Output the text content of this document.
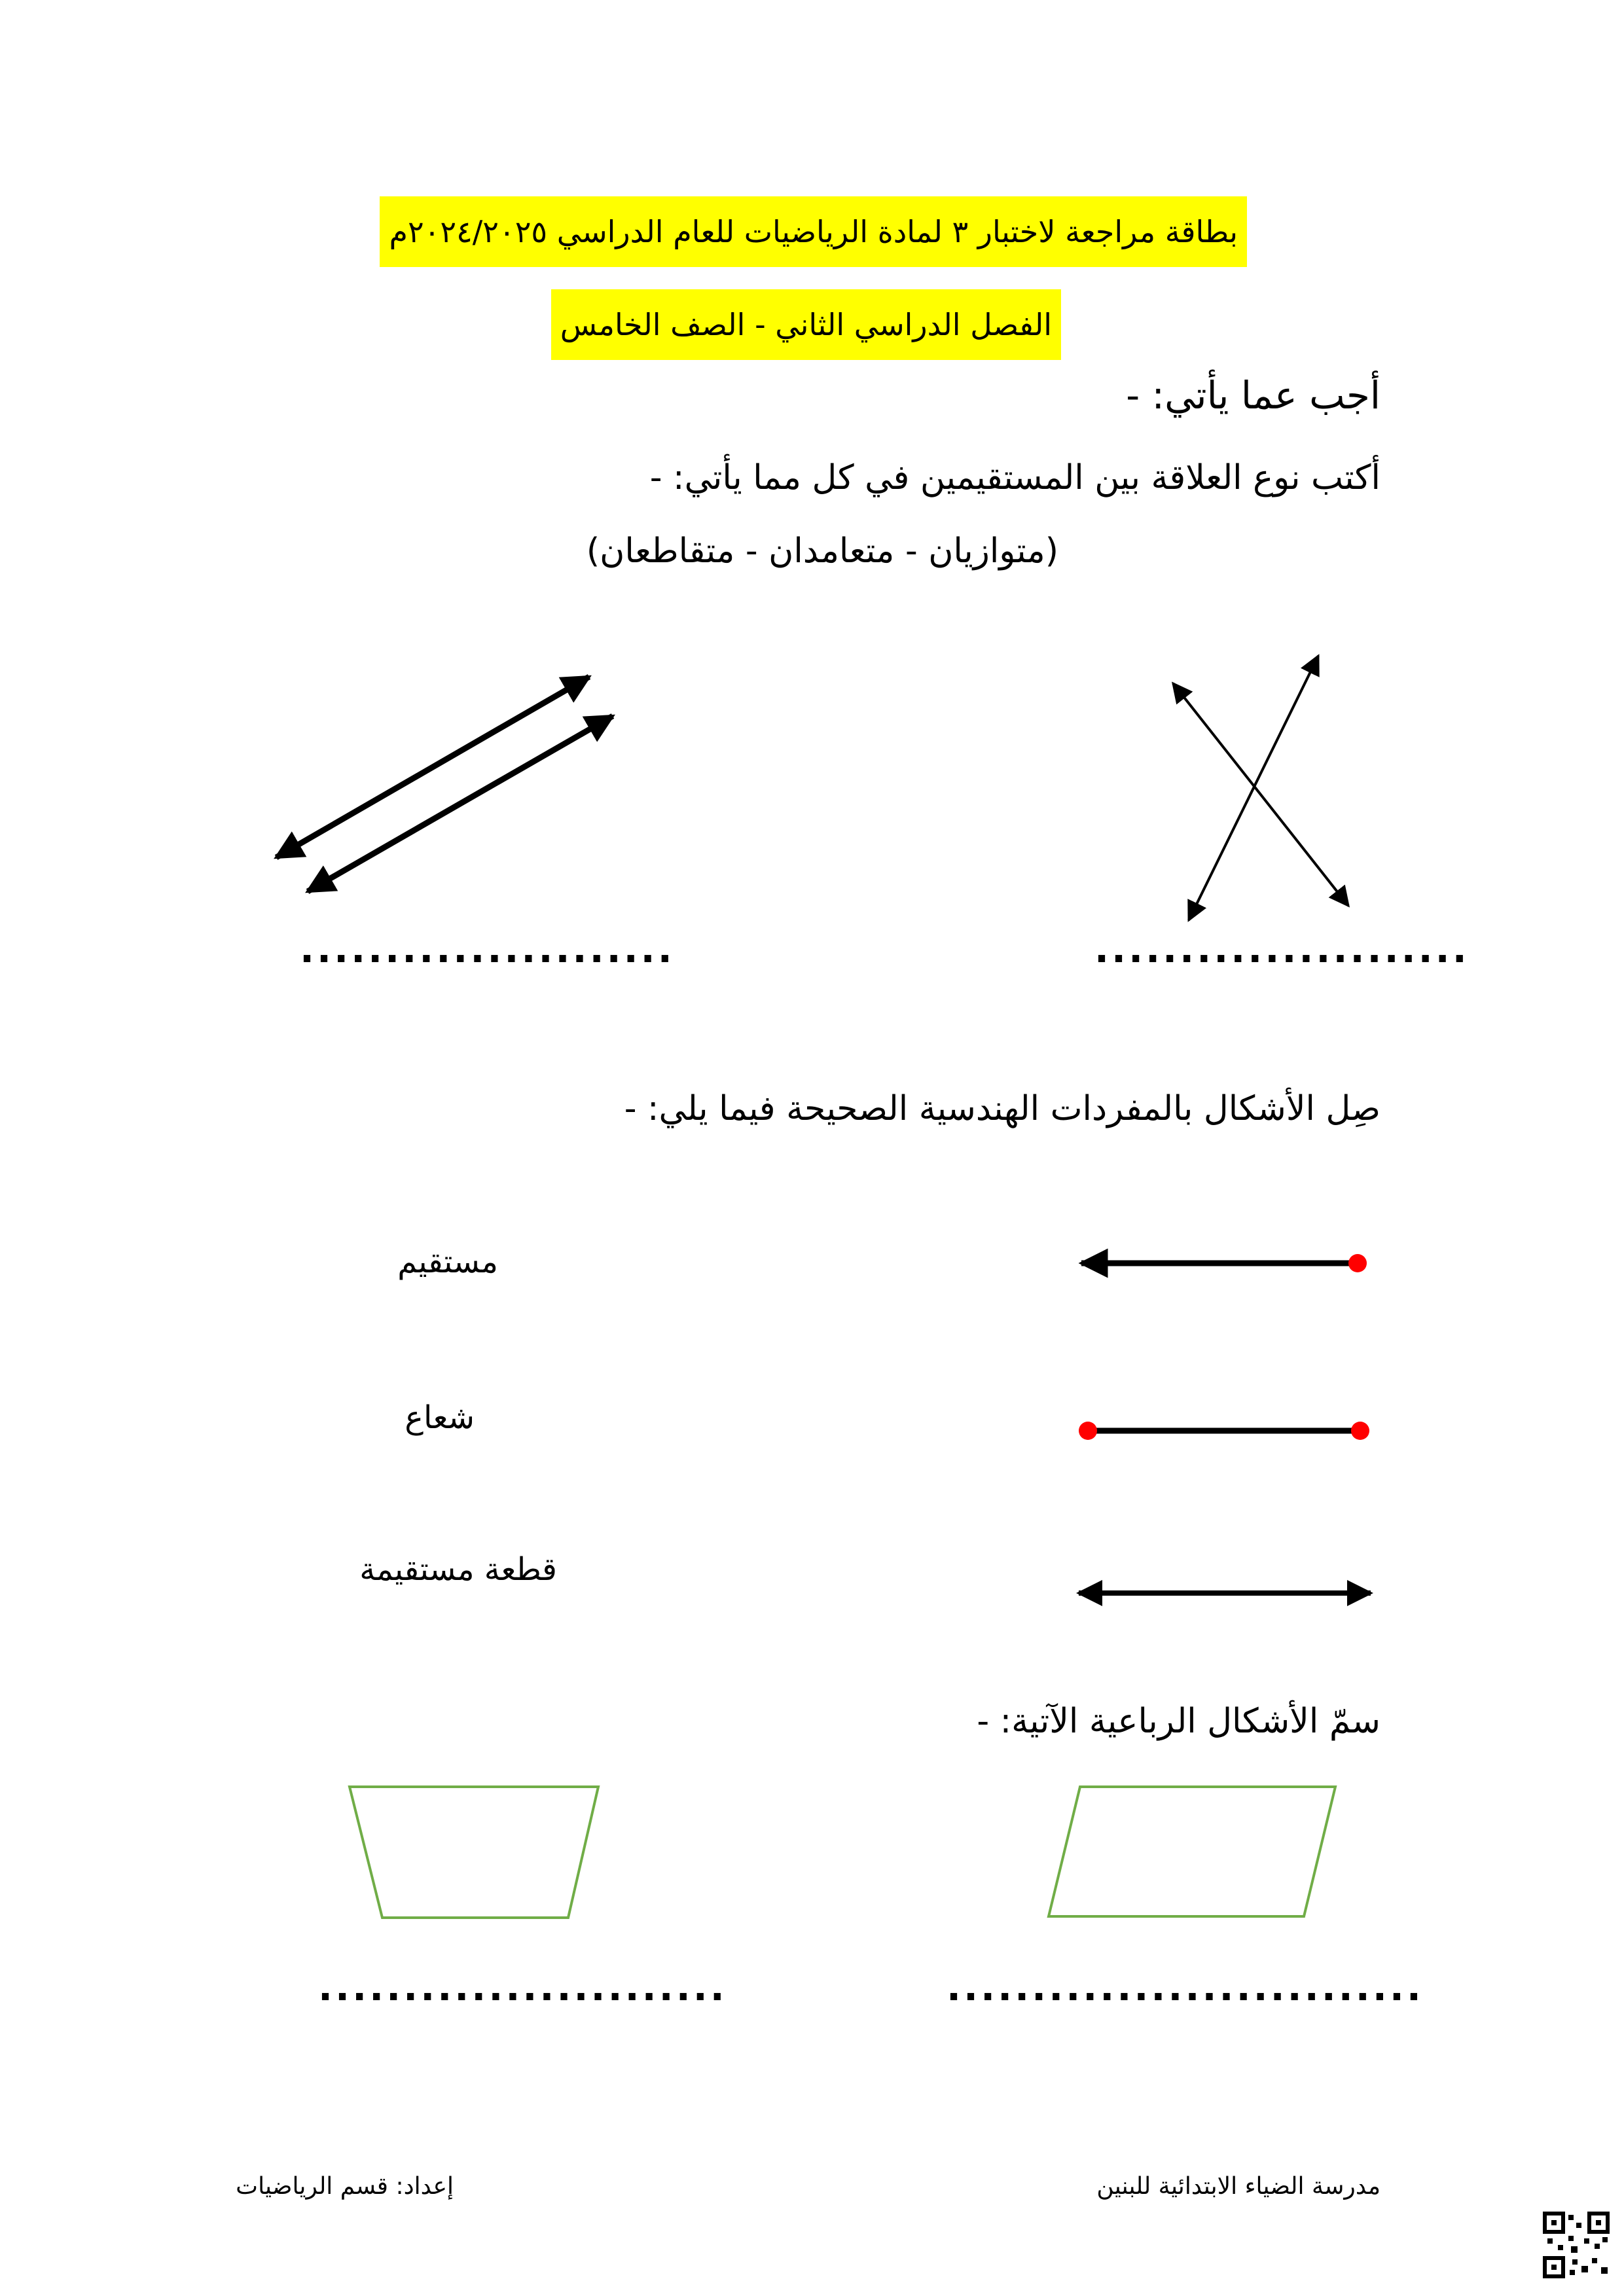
بطاقة مراجعة لاختبار ٣ لمادة الرياضيات للعام الدراسي ٢٠٢٤/٢٠٢٥م
الفصل الدراسي الثاني - الصف الخامس
أجب عما يأتي: -
أكتب نوع العلاقة بين المستقيمين في كل مما يأتي: -
(متوازيان - متعامدان - متقاطعان)
......................
......................
صِل الأشكال بالمفردات الهندسية الصحيحة فيما يلي: -
مستقيم
شعاع
قطعة مستقيمة
سمّ الأشكال الرباعية الآتية: -
............................
........................
مدرسة الضياء الابتدائية للبنين
إعداد: قسم الرياضيات
